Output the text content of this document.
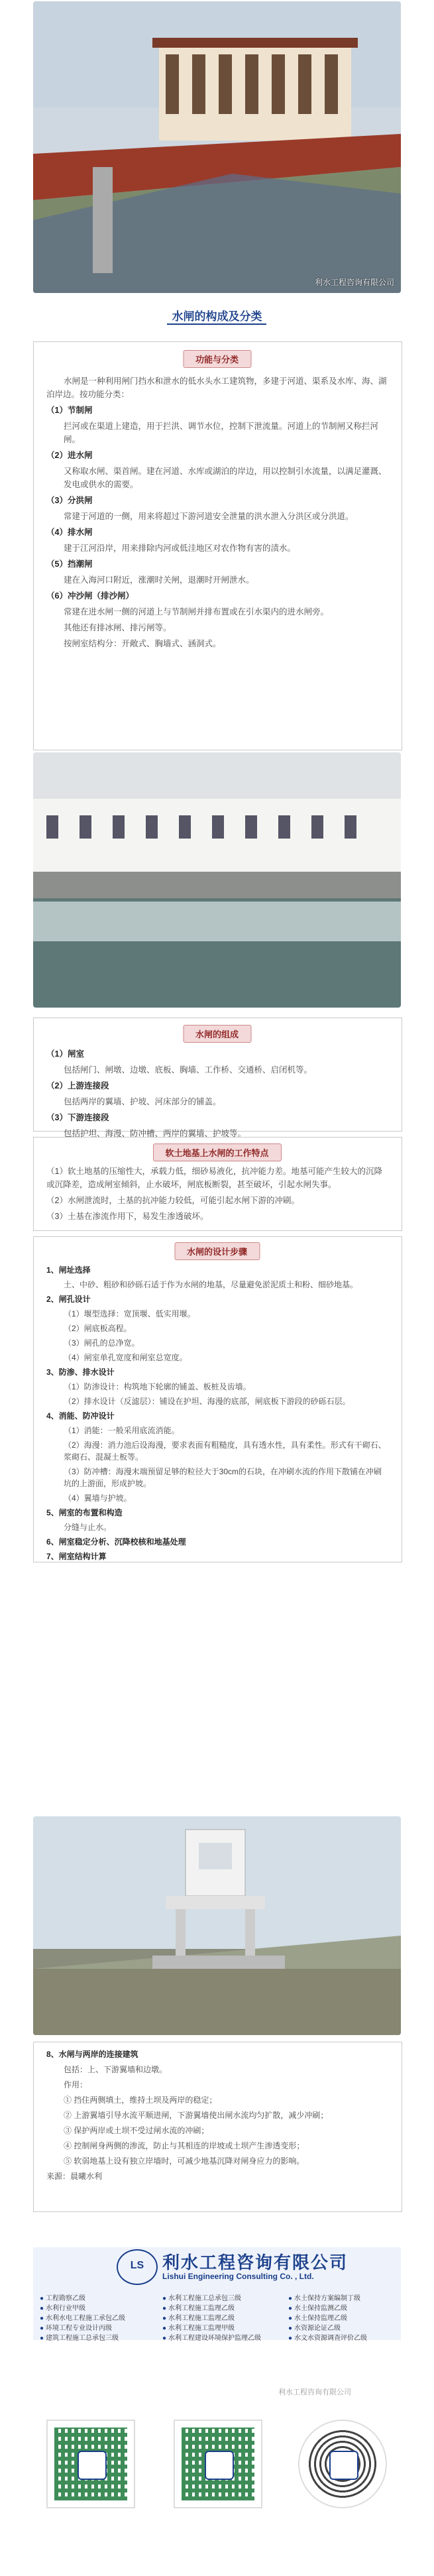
利水工程咨询有限公司
水闸的构成及分类
功能与分类

水闸是一种利用闸门挡水和泄水的低水头水工建筑物，多建于河道、渠系及水库、海、湖泊岸边。按功能分类：

（1）节制闸

拦河或在渠道上建造，用于拦洪、调节水位，控制下泄流量。河道上的节制闸又称拦河闸。

（2）进水闸

又称取水闸、渠首闸。建在河道、水库或湖泊的岸边，用以控制引水流量，以满足灌溉、发电或供水的需要。

（3）分洪闸

常建于河道的一侧，用来将超过下游河道安全泄量的洪水泄入分洪区或分洪道。

（4）排水闸

建于江河沿岸，用来排除内河或低洼地区对农作物有害的渍水。

（5）挡潮闸

建在入海河口附近，涨潮时关闸，退潮时开闸泄水。

（6）冲沙闸（排沙闸）

常建在进水闸一侧的河道上与节制闸并排布置或在引水渠内的进水闸旁。

其他还有排冰闸、排污闸等。

按闸室结构分：开敞式、胸墙式、涵洞式。

水闸的组成

（1）闸室

包括闸门、闸墩、边墩、底板、胸墙、工作桥、交通桥、启闭机等。

（2）上游连接段

包括两岸的翼墙、护坡、河床部分的铺盖。

（3）下游连接段

包括护坦、海漫、防冲槽、两岸的翼墙、护坡等。

软土地基上水闸的工作特点

（1）软土地基的压缩性大，承载力低，细砂易液化，抗冲能力差。地基可能产生较大的沉降或沉降差，造成闸室倾斜，止水破坏，闸底板断裂，甚至破坏，引起水闸失事。

（2）水闸泄流时，土基的抗冲能力较低，可能引起水闸下游的冲刷。

（3）土基在渗流作用下，易发生渗透破坏。

水闸的设计步骤

1、闸址选择

土、中砂、粗砂和砂砾石适于作为水闸的地基，尽量避免淤泥质土和粉、细砂地基。

2、闸孔设计

（1）堰型选择：宽顶堰、低实用堰。

（2）闸底板高程。

（3）闸孔的总净宽。

（4）闸室单孔宽度和闸室总宽度。

3、防渗、排水设计

（1）防渗设计：构筑地下轮廓的铺盖、板桩及齿墙。

（2）排水设计（反滤层）：铺设在护坦、海漫的底部，闸底板下游段的砂砾石层。

4、消能、防冲设计

（1）消能：一般采用底流消能。

（2）海漫：消力池后设海漫，要求表面有粗糙度，具有透水性，具有柔性。形式有干砌石、浆砌石、混凝土板等。

（3）防冲槽：海漫末端预留足够的粒径大于30cm的石块，在冲刷水流的作用下散铺在冲刷坑的上游面，形成护坡。

（4）翼墙与护坡。

5、闸室的布置和构造

分缝与止水。

6、闸室稳定分析、沉降校核和地基处理

7、闸室结构计算

8、水闸与两岸的连接建筑

包括：上、下游翼墙和边墩。

作用：

① 挡住两侧填土，维持土坝及两岸的稳定；

② 上游翼墙引导水流平顺进闸，下游翼墙使出闸水流均匀扩散，减少冲刷；

③ 保护两岸或土坝不受过闸水流的冲刷；

④ 控制闸身两侧的渗流，防止与其相连的岸坡或土坝产生渗透变形；

⑤ 软弱地基上设有独立岸墙时，可减少地基沉降对闸身应力的影响。

来源：晨曦水利

LS	利水工程咨询有限公司
Lishui Engineering Consulting Co. , Ltd.
● 工程勘察乙级	● 水利工程施工总承包三级	● 水土保持方案编制丁级
● 水利行业甲级	● 水利工程施工监理乙级	● 水土保持监测乙级
● 水利水电工程施工承包乙级	● 水利工程施工监理乙级	● 水土保持监理乙级
● 环境工程专业设计丙级	● 水利工程施工监理甲级	● 水资源论证乙级
● 建筑工程施工总承包三级	● 水利工程建设环境保护监理乙级	● 水文水资源调查评价乙级
利水工程咨询有限公司
